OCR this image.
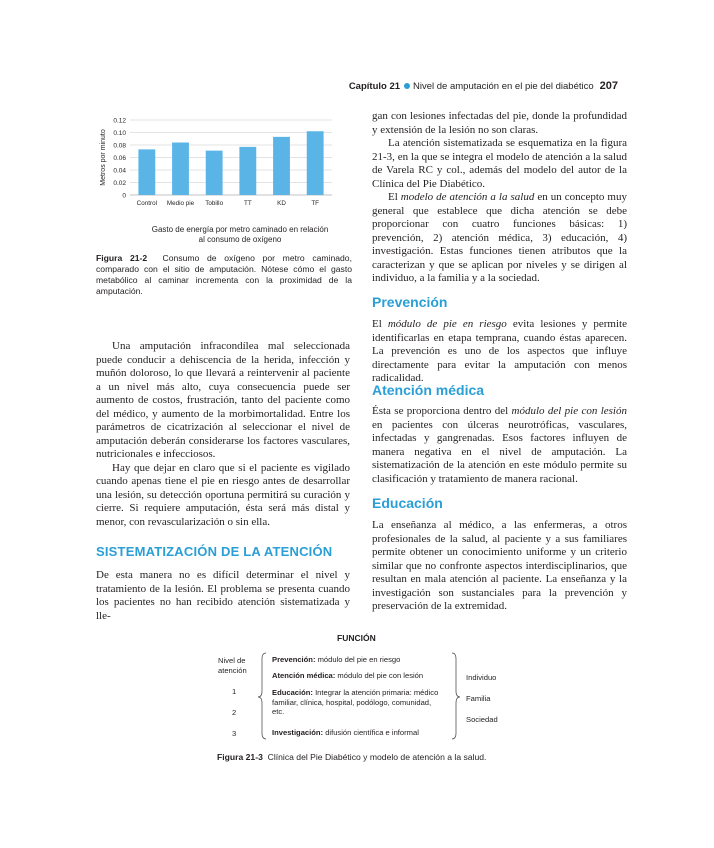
Capítulo 21 Nivel de amputación en el pie del diabético 207
0
0.02
0.04
0.06
0.08
0.10
0.12
Control Medio pie Tobillo	TT	KD	TF
Metros por minuto
Gasto de energía por metro caminado en relación
al consumo de oxígeno
Figura 21-2 Consumo de oxígeno por metro caminado, comparado con el sitio de amputación. Nótese cómo el gasto metabólico al caminar incrementa con la proximidad de la amputación.

Una amputación infracondílea mal seleccionada puede conducir a dehiscencia de la herida, infección y muñón doloroso, lo que llevará a reintervenir al paciente a un nivel más alto, cuya consecuencia puede ser aumento de costos, frustración, tanto del paciente como del médico, y aumento de la morbimortalidad. Entre los parámetros de cicatrización al seleccionar el nivel de amputación deberán considerarse los factores vasculares, nutricionales e infecciosos.

Hay que dejar en claro que si el paciente es vigilado cuando apenas tiene el pie en riesgo antes de desarrollar una lesión, su detección oportuna permitirá su curación y cierre. Si requiere amputación, ésta será más distal y menor, con revascularización o sin ella.

SISTEMATIZACIÓN DE LA ATENCIÓN

De esta manera no es difícil determinar el nivel y tratamiento de la lesión. El problema se presenta cuando los pacientes no han recibido atención sistematizada y lle-

gan con lesiones infectadas del pie, donde la profundidad y extensión de la lesión no son claras.

La atención sistematizada se esquematiza en la figura 21-3, en la que se integra el modelo de atención a la salud de Varela RC y col., además del modelo del autor de la Clínica del Pie Diabético.

El modelo de atención a la salud en un concepto muy general que establece que dicha atención se debe proporcionar con cuatro funciones básicas: 1) prevención, 2) atención médica, 3) educación, 4) investigación. Estas funciones tienen atributos que la caracterizan y que se aplican por niveles y se dirigen al individuo, a la familia y a la sociedad.

Prevención

El módulo de pie en riesgo evita lesiones y permite identificarlas en etapa temprana, cuando éstas aparecen. La prevención es uno de los aspectos que influye directamente para evitar la amputación con menos radicalidad.

Atención médica

Ésta se proporciona dentro del módulo del pie con lesión en pacientes con úlceras neurotróficas, vasculares, infectadas y gangrenadas. Esos factores influyen de manera negativa en el nivel de amputación. La sistematización de la atención en este módulo permite su clasificación y tratamiento de manera racional.

Educación

La enseñanza al médico, a las enfermeras, a otros profesionales de la salud, al paciente y a sus familiares permite obtener un conocimiento uniforme y un criterio similar que no confronte aspectos interdisciplinarios, que resultan en mala atención al paciente. La enseñanza y la investigación son sustanciales para la prevención y preservación de la extremidad.

FUNCIÓN
Nivel de atención
1
2
3
Prevención: módulo del pie en riesgo
Atención médica: módulo del pie con lesión
Educación: Integrar la atención primaria: médico familiar, clínica, hospital, podólogo, comunidad, etc.
Investigación: difusión científica e informal
Individuo
Familia
Sociedad
Figura 21-3 Clínica del Pie Diabético y modelo de atención a la salud.
